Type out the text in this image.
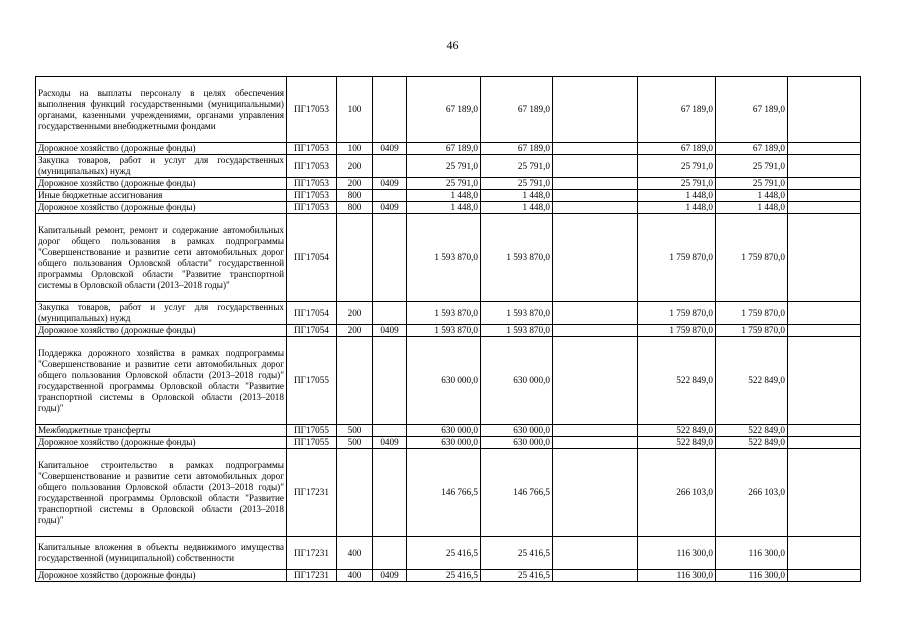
46
Расходы на выплаты персоналу в целях обеспечения выполнения функций государственными (муниципальными) органами, казенными учреждениями, органами управления государственными внебюджетными фондами	ПГ17053	100		67 189,0	67 189,0		67 189,0	67 189,0	
Дорожное хозяйство (дорожные фонды)	ПГ17053	100	0409	67 189,0	67 189,0		67 189,0	67 189,0	
Закупка товаров, работ и услуг для государственных (муниципальных) нужд	ПГ17053	200		25 791,0	25 791,0		25 791,0	25 791,0	
Дорожное хозяйство (дорожные фонды)	ПГ17053	200	0409	25 791,0	25 791,0		25 791,0	25 791,0	
Иные бюджетные ассигнования	ПГ17053	800		1 448,0	1 448,0		1 448,0	1 448,0	
Дорожное хозяйство (дорожные фонды)	ПГ17053	800	0409	1 448,0	1 448,0		1 448,0	1 448,0	
Капитальный ремонт, ремонт и содержание автомобильных дорог общего пользования в рамках подпрограммы "Совершенствование и развитие сети автомобильных дорог общего пользования Орловской области" государственной программы Орловской области "Развитие транспортной системы в Орловской области (2013–2018 годы)"	ПГ17054			1 593 870,0	1 593 870,0		1 759 870,0	1 759 870,0	
Закупка товаров, работ и услуг для государственных (муниципальных) нужд	ПГ17054	200		1 593 870,0	1 593 870,0		1 759 870,0	1 759 870,0	
Дорожное хозяйство (дорожные фонды)	ПГ17054	200	0409	1 593 870,0	1 593 870,0		1 759 870,0	1 759 870,0	
Поддержка дорожного хозяйства в рамках подпрограммы "Совершенствование и развитие сети автомобильных дорог общего пользования Орловской области (2013–2018 годы)" государственной программы Орловской области "Развитие транспортной системы в Орловской области (2013–2018 годы)"	ПГ17055			630 000,0	630 000,0		522 849,0	522 849,0	
Межбюджетные трансферты	ПГ17055	500		630 000,0	630 000,0		522 849,0	522 849,0	
Дорожное хозяйство (дорожные фонды)	ПГ17055	500	0409	630 000,0	630 000,0		522 849,0	522 849,0	
Капитальное строительство в рамках подпрограммы "Совершенствование и развитие сети автомобильных дорог общего пользования Орловской области (2013–2018 годы)" государственной программы Орловской области "Развитие транспортной системы в Орловской области (2013–2018 годы)"	ПГ17231			146 766,5	146 766,5		266 103,0	266 103,0	
Капитальные вложения в объекты недвижимого имущества государственной (муниципальной) собственности	ПГ17231	400		25 416,5	25 416,5		116 300,0	116 300,0	
Дорожное хозяйство (дорожные фонды)	ПГ17231	400	0409	25 416,5	25 416,5		116 300,0	116 300,0	
